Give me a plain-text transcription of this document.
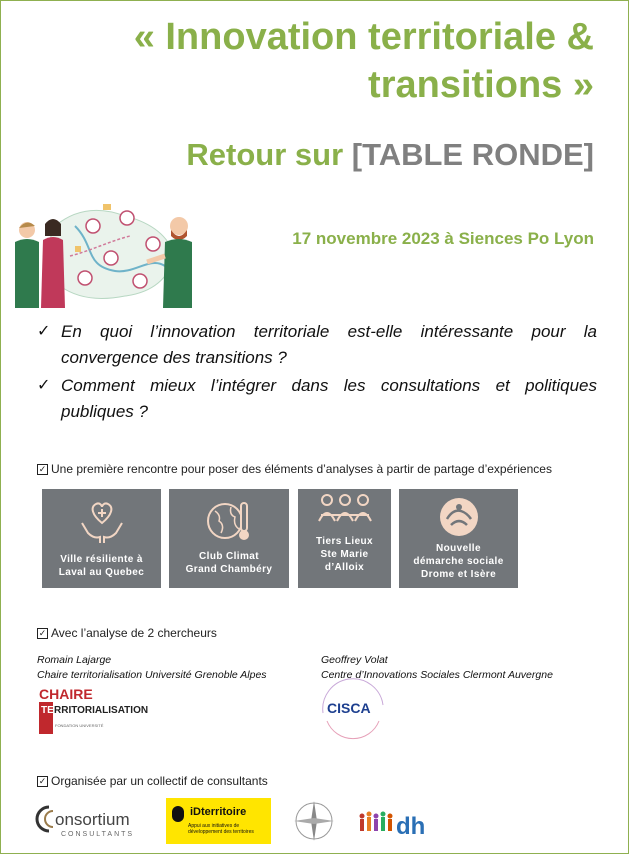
« Innovation territoriale & transitions »
Retour sur [TABLE RONDE]
17 novembre 2023 à Siences Po Lyon
✓ En quoi l’innovation territoriale est-elle intéressante pour la convergence des transitions ?
✓ Comment mieux l’intégrer dans les consultations et politiques publiques ?
✓ Une première rencontre pour poser des éléments d’analyses à partir de partage d’expériences
Ville résiliente à
Laval au Quebec
Club Climat
Grand Chambéry
Tiers Lieux
Ste Marie
d’Alloix
Nouvelle
démarche sociale
Drome et Isère
✓ Avec l’analyse de 2 chercheurs
Romain Lajarge
Chaire territorialisation Université Grenoble Alpes
CHAIRE
TE RRITORIALISATION
FONDATION UNIVERSITÉ
Geoffrey Volat
Centre d’Innovations Sociales Clermont Auvergne
CISCA
✓ Organisée par un collectif de consultants
onsortium
CONSULTANTS
iDterritoire
Appui aux initiatives de développement des territoires	dh
